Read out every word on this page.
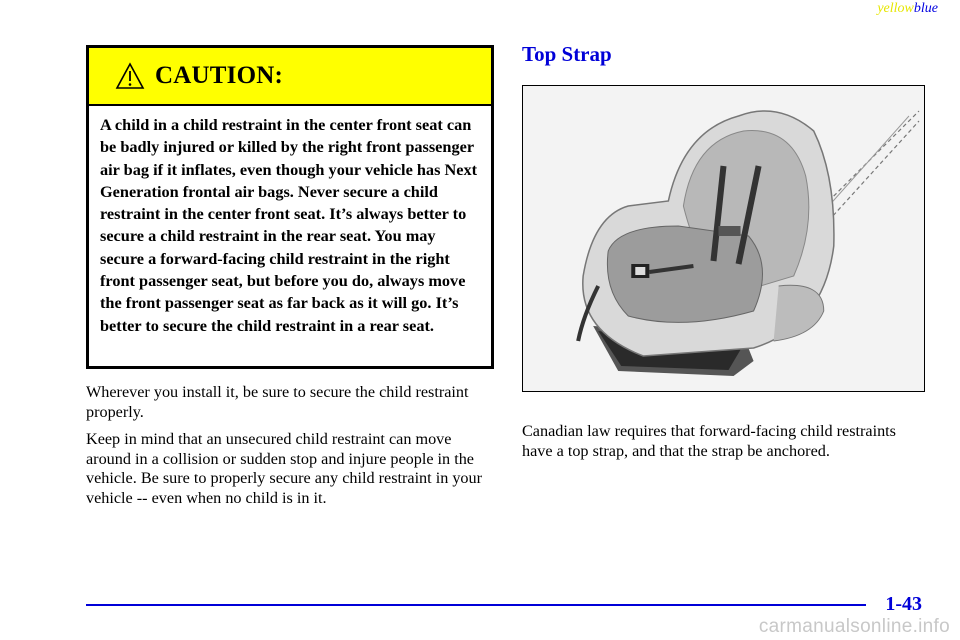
yellowblue
CAUTION:
A child in a child restraint in the center front seat can be badly injured or killed by the right front passenger air bag if it inflates, even though your vehicle has Next Generation frontal air bags. Never secure a child restraint in the center front seat. It’s always better to secure a child restraint in the rear seat. You may secure a forward‑facing child restraint in the right front passenger seat, but before you do, always move the front passenger seat as far back as it will go. It’s better to secure the child restraint in a rear seat.

Wherever you install it, be sure to secure the child restraint properly.

Keep in mind that an unsecured child restraint can move around in a collision or sudden stop and injure people in the vehicle. Be sure to properly secure any child restraint in your vehicle -- even when no child is in it.

Top Strap

Canadian law requires that forward‑facing child restraints have a top strap, and that the strap be anchored.

1-43
carmanualsonline.info
